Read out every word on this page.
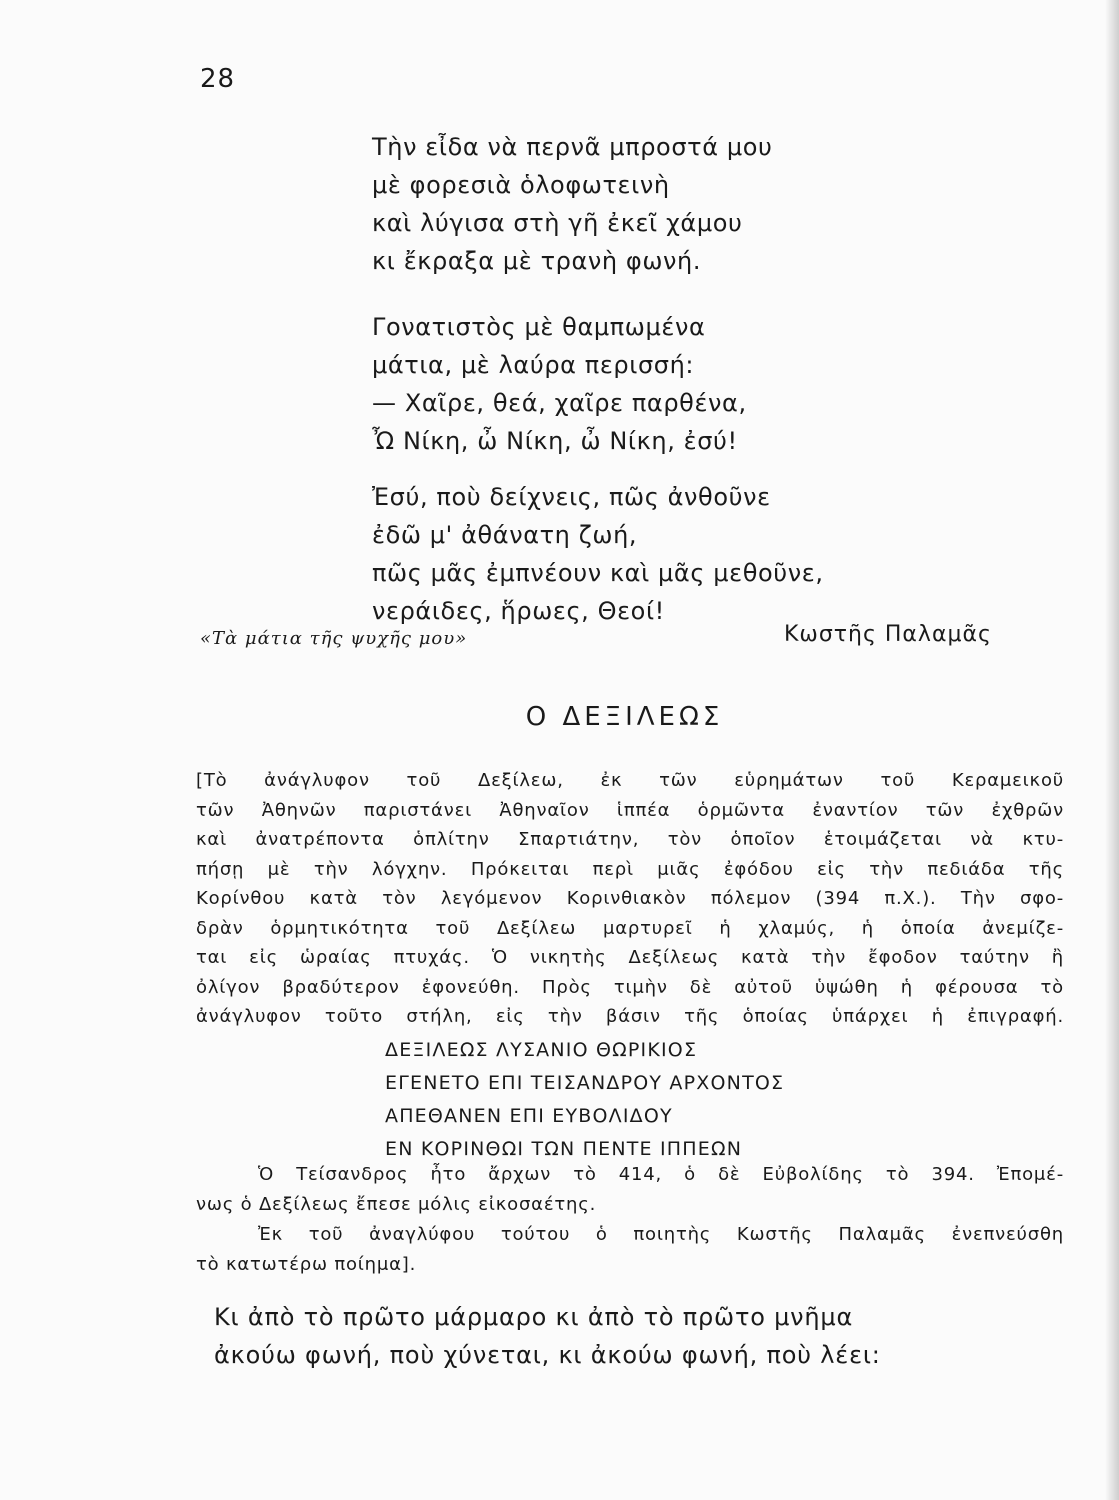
28
Τὴν εἶδα νὰ περνᾶ μπροστά μου
μὲ φορεσιὰ ὁλοφωτεινὴ
καὶ λύγισα στὴ γῆ ἐκεῖ χάμου
κι ἔκραξα μὲ τρανὴ φωνή.
Γονατιστὸς μὲ θαμπωμένα
μάτια, μὲ λαύρα περισσή:
— Χαῖρε, θεά, χαῖρε παρθένα,
Ὦ Νίκη, ὦ Νίκη, ὦ Νίκη, ἐσύ!
Ἐσύ, ποὺ δείχνεις, πῶς ἀνθοῦνε
ἐδῶ μ' ἀθάνατη ζωή,
πῶς μᾶς ἐμπνέουν καὶ μᾶς μεθοῦνε,
νεράιδες, ἥρωες, Θεοί!
«Τὰ μάτια τῆς ψυχῆς μου»	Κωστῆς Παλαμᾶς
Ο ΔΕΞΙΛΕΩΣ
[Τὸ ἀνάγλυφον τοῦ Δεξίλεω, ἐκ τῶν εὑρημάτων τοῦ Κεραμεικοῦ
τῶν Ἀθηνῶν παριστάνει Ἀθηναῖον ἱππέα ὁρμῶντα ἐναντίον τῶν ἐχθρῶν
καὶ ἀνατρέποντα ὁπλίτην Σπαρτιάτην, τὸν ὁποῖον ἑτοιμάζεται νὰ κτυ-
πήσῃ μὲ τὴν λόγχην. Πρόκειται περὶ μιᾶς ἐφόδου εἰς τὴν πεδιάδα τῆς
Κορίνθου κατὰ τὸν λεγόμενον Κορινθιακὸν πόλεμον (394 π.Χ.). Τὴν σφο-
δρὰν ὁρμητικότητα τοῦ Δεξίλεω μαρτυρεῖ ἡ χλαμύς, ἡ ὁποία ἀνεμίζε-
ται εἰς ὡραίας πτυχάς. Ὁ νικητὴς Δεξίλεως κατὰ τὴν ἔφοδον ταύτην ἢ
ὀλίγον βραδύτερον ἐφονεύθη. Πρὸς τιμὴν δὲ αὐτοῦ ὑψώθη ἡ φέρουσα τὸ
ἀνάγλυφον τοῦτο στήλη, εἰς τὴν βάσιν τῆς ὁποίας ὑπάρχει ἡ ἐπιγραφή.
ΔΕΞΙΛΕΩΣ ΛΥΣΑΝΙΟ ΘΩΡΙΚΙΟΣ
ΕΓΕΝΕΤΟ ΕΠΙ ΤΕΙΣΑΝΔΡΟΥ ΑΡΧΟΝΤΟΣ
ΑΠΕΘΑΝΕΝ ΕΠΙ ΕΥΒΟΛΙΔΟΥ
ΕΝ ΚΟΡΙΝΘΩΙ ΤΩΝ ΠΕΝΤΕ ΙΠΠΕΩΝ
Ὁ Τείσανδρος ἦτο ἄρχων τὸ 414, ὁ δὲ Εὐβολίδης τὸ 394. Ἐπομέ-
νως ὁ Δεξίλεως ἔπεσε μόλις εἰκοσαέτης.
Ἐκ τοῦ ἀναγλύφου τούτου ὁ ποιητὴς Κωστῆς Παλαμᾶς ἐνεπνεύσθη
τὸ κατωτέρω ποίημα].
Κι ἀπὸ τὸ πρῶτο μάρμαρο κι ἀπὸ τὸ πρῶτο μνῆμα
ἀκούω φωνή, ποὺ χύνεται, κι ἀκούω φωνή, ποὺ λέει:
